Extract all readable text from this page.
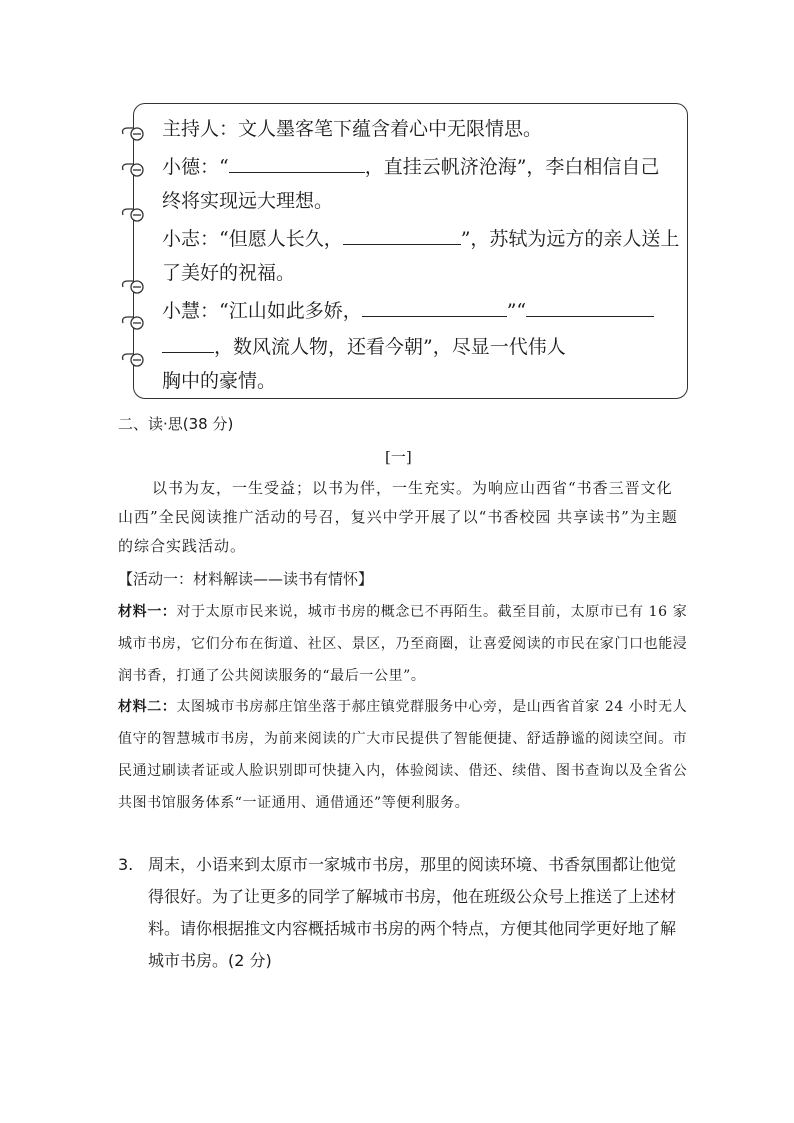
主持人：文人墨客笔下蕴含着心中无限情思。
小德：“	，直挂云帆济沧海”，李白相信自己
终将实现远大理想。
小志：“但愿人长久，	”，苏轼为远方的亲人送上
了美好的祝福。
小慧：“江山如此多娇，	”“
，数风流人物，还看今朝”，尽显一代伟人
胸中的豪情。
二、读·思(38 分)
[一]
以书为友，一生受益；以书为伴，一生充实。为响应山西省“书香三晋文化山西”全民阅读推广活动的号召，复兴中学开展了以“书香校园 共享读书”为主题的综合实践活动。
【活动一：材料解读——读书有情怀】
材料一：对于太原市民来说，城市书房的概念已不再陌生。截至目前，太原市已有 16 家城市书房，它们分布在街道、社区、景区，乃至商圈，让喜爱阅读的市民在家门口也能浸润书香，打通了公共阅读服务的“最后一公里”。
材料二：太图城市书房郝庄馆坐落于郝庄镇党群服务中心旁，是山西省首家 24 小时无人值守的智慧城市书房，为前来阅读的广大市民提供了智能便捷、舒适静谧的阅读空间。市民通过刷读者证或人脸识别即可快捷入内，体验阅读、借还、续借、图书查询以及全省公共图书馆服务体系“一证通用、通借通还”等便利服务。
3. 周末，小语来到太原市一家城市书房，那里的阅读环境、书香氛围都让他觉得很好。为了让更多的同学了解城市书房，他在班级公众号上推送了上述材料。请你根据推文内容概括城市书房的两个特点，方便其他同学更好地了解城市书房。(2 分)
